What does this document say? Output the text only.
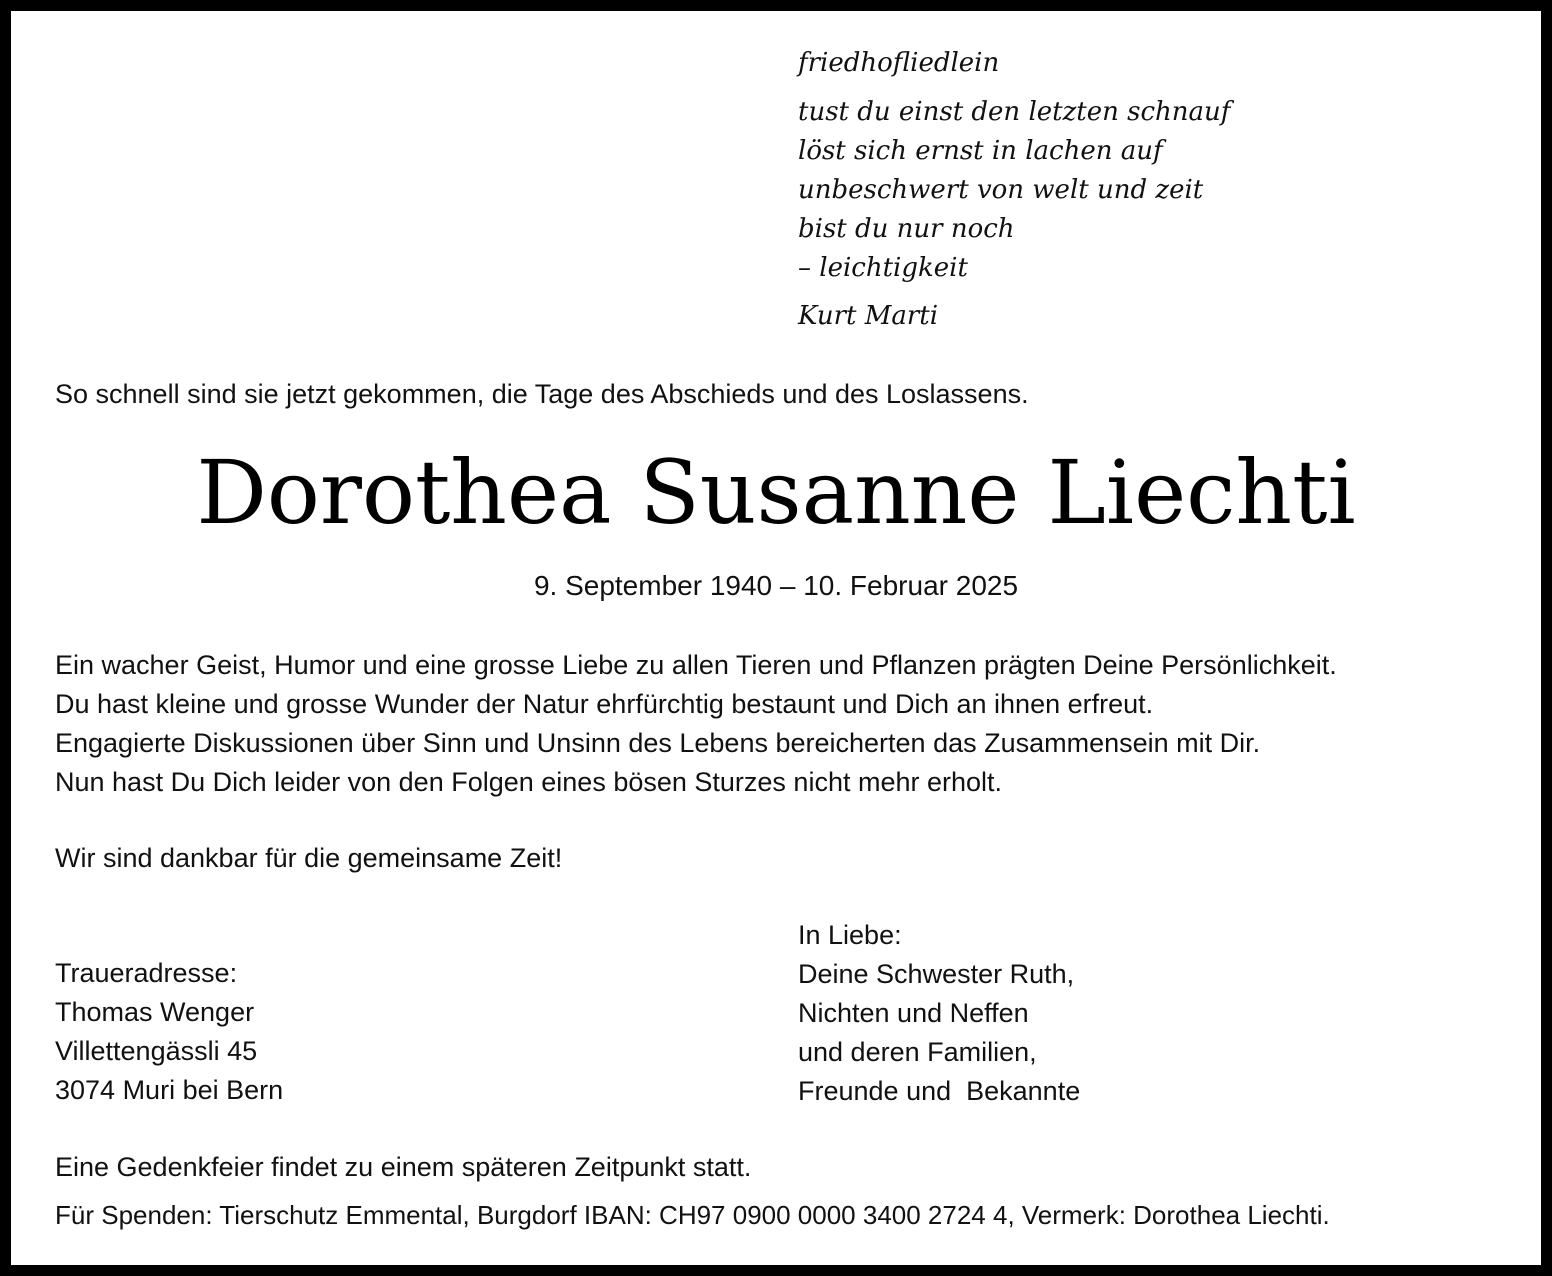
friedhofliedlein

tust du einst den letzten schnauf
löst sich ernst in lachen auf
unbeschwert von welt und zeit
bist du nur noch
– leichtigkeit

Kurt Marti

So schnell sind sie jetzt gekommen, die Tage des Abschieds und des Loslassens.

Dorothea Susanne Liechti

9. September 1940 – 10. Februar 2025

Ein wacher Geist, Humor und eine grosse Liebe zu allen Tieren und Pflanzen prägten Deine Persönlichkeit.
Du hast kleine und grosse Wunder der Natur ehrfürchtig bestaunt und Dich an ihnen erfreut.
Engagierte Diskussionen über Sinn und Unsinn des Lebens bereicherten das Zusammensein mit Dir.
Nun hast Du Dich leider von den Folgen eines bösen Sturzes nicht mehr erholt.

Wir sind dankbar für die gemeinsame Zeit!

Traueradresse:
Thomas Wenger
Villettengässli 45
3074 Muri bei Bern

In Liebe:
Deine Schwester Ruth,
Nichten und Neffen
und deren Familien,
Freunde und  Bekannte

Eine Gedenkfeier findet zu einem späteren Zeitpunkt statt.

Für Spenden: Tierschutz Emmental, Burgdorf IBAN: CH97 0900 0000 3400 2724 4, Vermerk: Dorothea Liechti.
